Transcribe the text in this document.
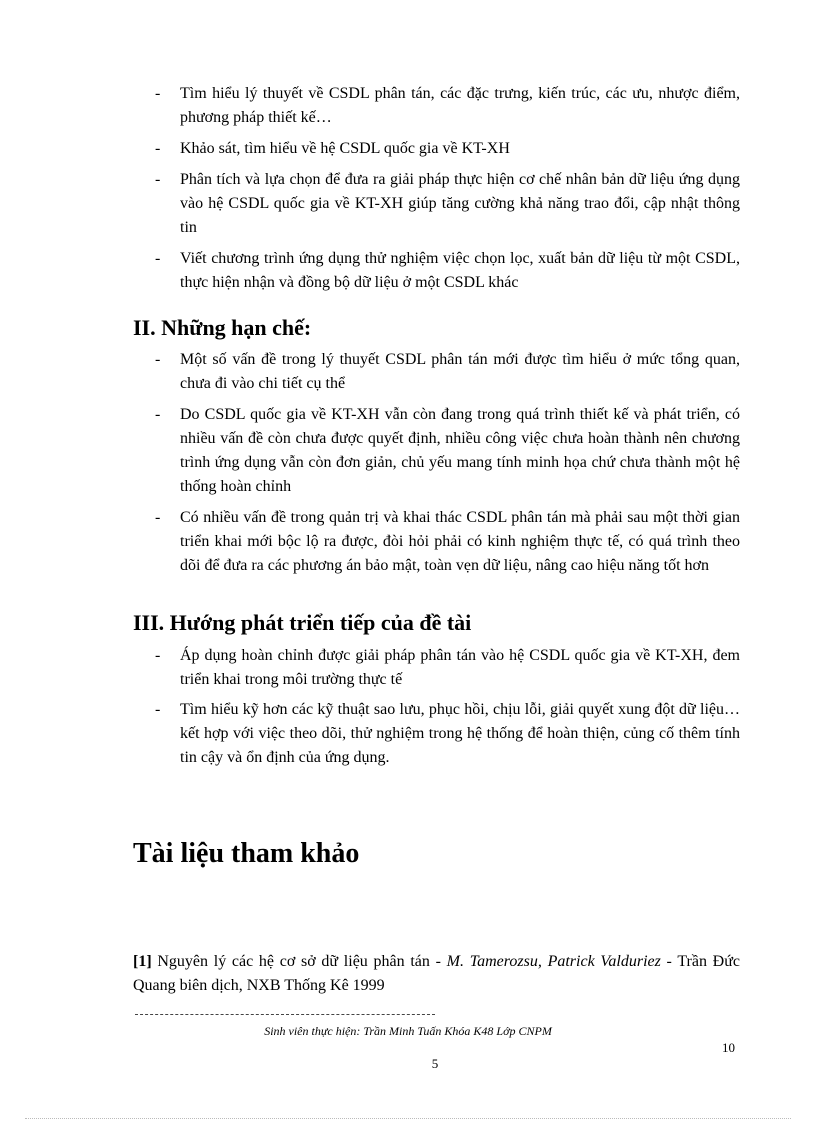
- Tìm hiểu lý thuyết về CSDL phân tán, các đặc trưng, kiến trúc, các ưu, nhược điểm, phương pháp thiết kế…
- Khảo sát, tìm hiểu về hệ CSDL quốc gia về KT-XH
- Phân tích và lựa chọn để đưa ra giải pháp thực hiện cơ chế nhân bản dữ liệu ứng dụng vào hệ CSDL quốc gia về KT-XH giúp tăng cường khả năng trao đổi, cập nhật thông tin
- Viết chương trình ứng dụng thử nghiệm việc chọn lọc, xuất bản dữ liệu từ một CSDL, thực hiện nhận và đồng bộ dữ liệu ở một CSDL khác
II. Những hạn chế:
- Một số vấn đề trong lý thuyết CSDL phân tán mới được tìm hiểu ở mức tổng quan, chưa đi vào chi tiết cụ thể
- Do CSDL quốc gia về KT-XH vẫn còn đang trong quá trình thiết kế và phát triển, có nhiều vấn đề còn chưa được quyết định, nhiều công việc chưa hoàn thành nên chương trình ứng dụng vẫn còn đơn giản, chủ yếu mang tính minh họa chứ chưa thành một hệ thống hoàn chỉnh
- Có nhiều vấn đề trong quản trị và khai thác CSDL phân tán mà phải sau một thời gian triển khai mới bộc lộ ra được, đòi hỏi phải có kinh nghiệm thực tế, có quá trình theo dõi để đưa ra các phương án bảo mật, toàn vẹn dữ liệu, nâng cao hiệu năng tốt hơn
III. Hướng phát triển tiếp của đề tài
- Áp dụng hoàn chỉnh được giải pháp phân tán vào hệ CSDL quốc gia về KT-XH, đem triển khai trong môi trường thực tế
- Tìm hiểu kỹ hơn các kỹ thuật sao lưu, phục hồi, chịu lỗi, giải quyết xung đột dữ liệu… kết hợp với việc theo dõi, thử nghiệm trong hệ thống để hoàn thiện, củng cố thêm tính tin cậy và ổn định của ứng dụng.
Tài liệu tham khảo
[1] Nguyên lý các hệ cơ sở dữ liệu phân tán - M. Tamerozsu, Patrick Valduriez - Trần Đức Quang biên dịch, NXB Thống Kê 1999
Sinh viên thực hiện: Trần Minh Tuấn Khóa K48 Lớp CNPM
10
5
